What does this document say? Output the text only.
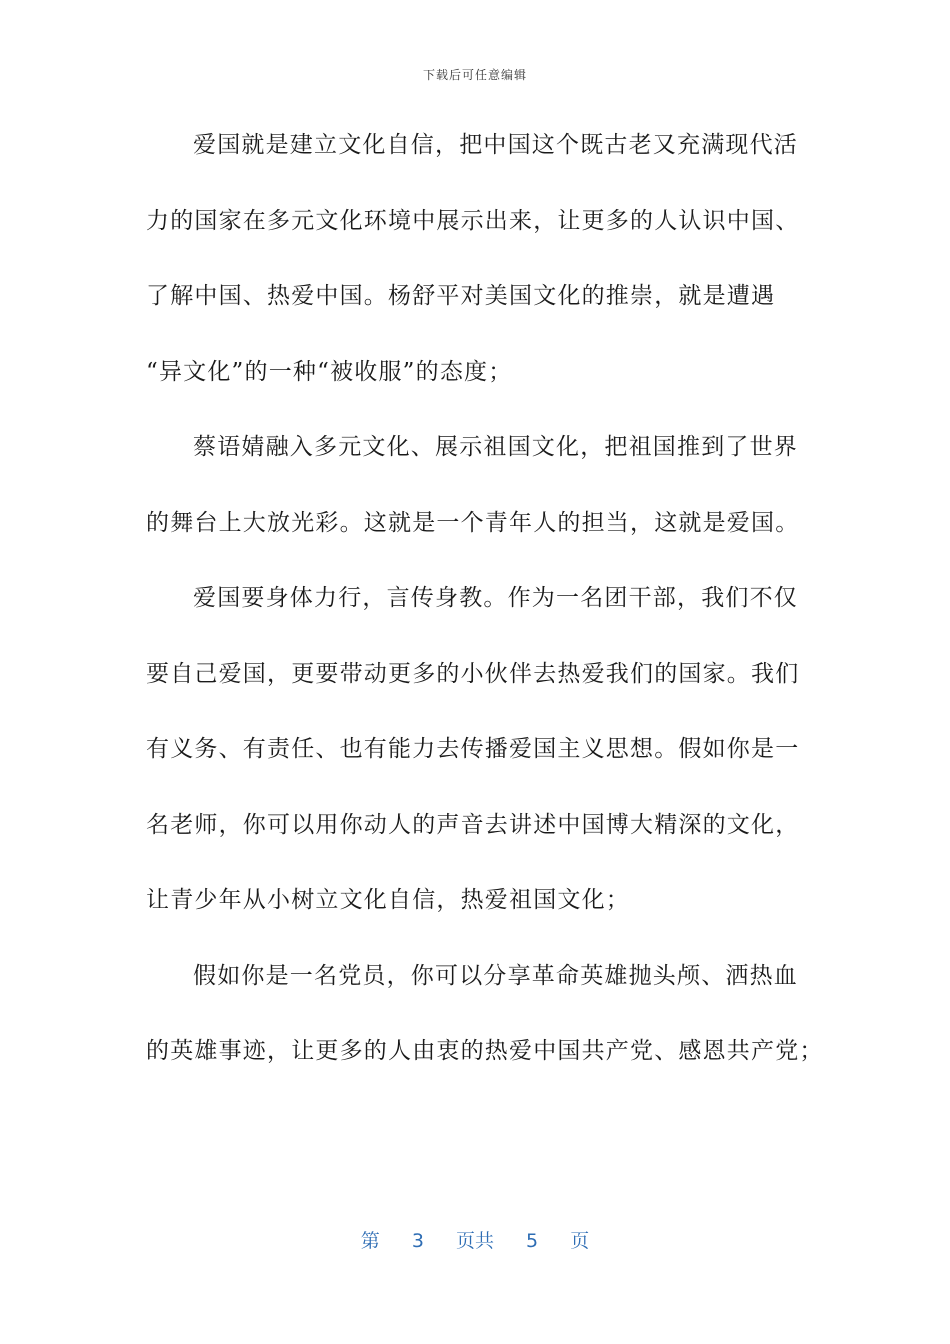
下载后可任意编辑
爱国就是建立文化自信，把中国这个既古老又充满现代活
力的国家在多元文化环境中展示出来，让更多的人认识中国、
了解中国、热爱中国。杨舒平对美国文化的推崇，就是遭遇
“异文化”的一种“被收服”的态度；
蔡语婧融入多元文化、展示祖国文化，把祖国推到了世界
的舞台上大放光彩。这就是一个青年人的担当，这就是爱国。
爱国要身体力行，言传身教。作为一名团干部，我们不仅
要自己爱国，更要带动更多的小伙伴去热爱我们的国家。我们
有义务、有责任、也有能力去传播爱国主义思想。假如你是一
名老师，你可以用你动人的声音去讲述中国博大精深的文化，
让青少年从小树立文化自信，热爱祖国文化；
假如你是一名党员，你可以分享革命英雄抛头颅、洒热血
的英雄事迹，让更多的人由衷的热爱中国共产党、感恩共产党；
第 3 页共 5 页
